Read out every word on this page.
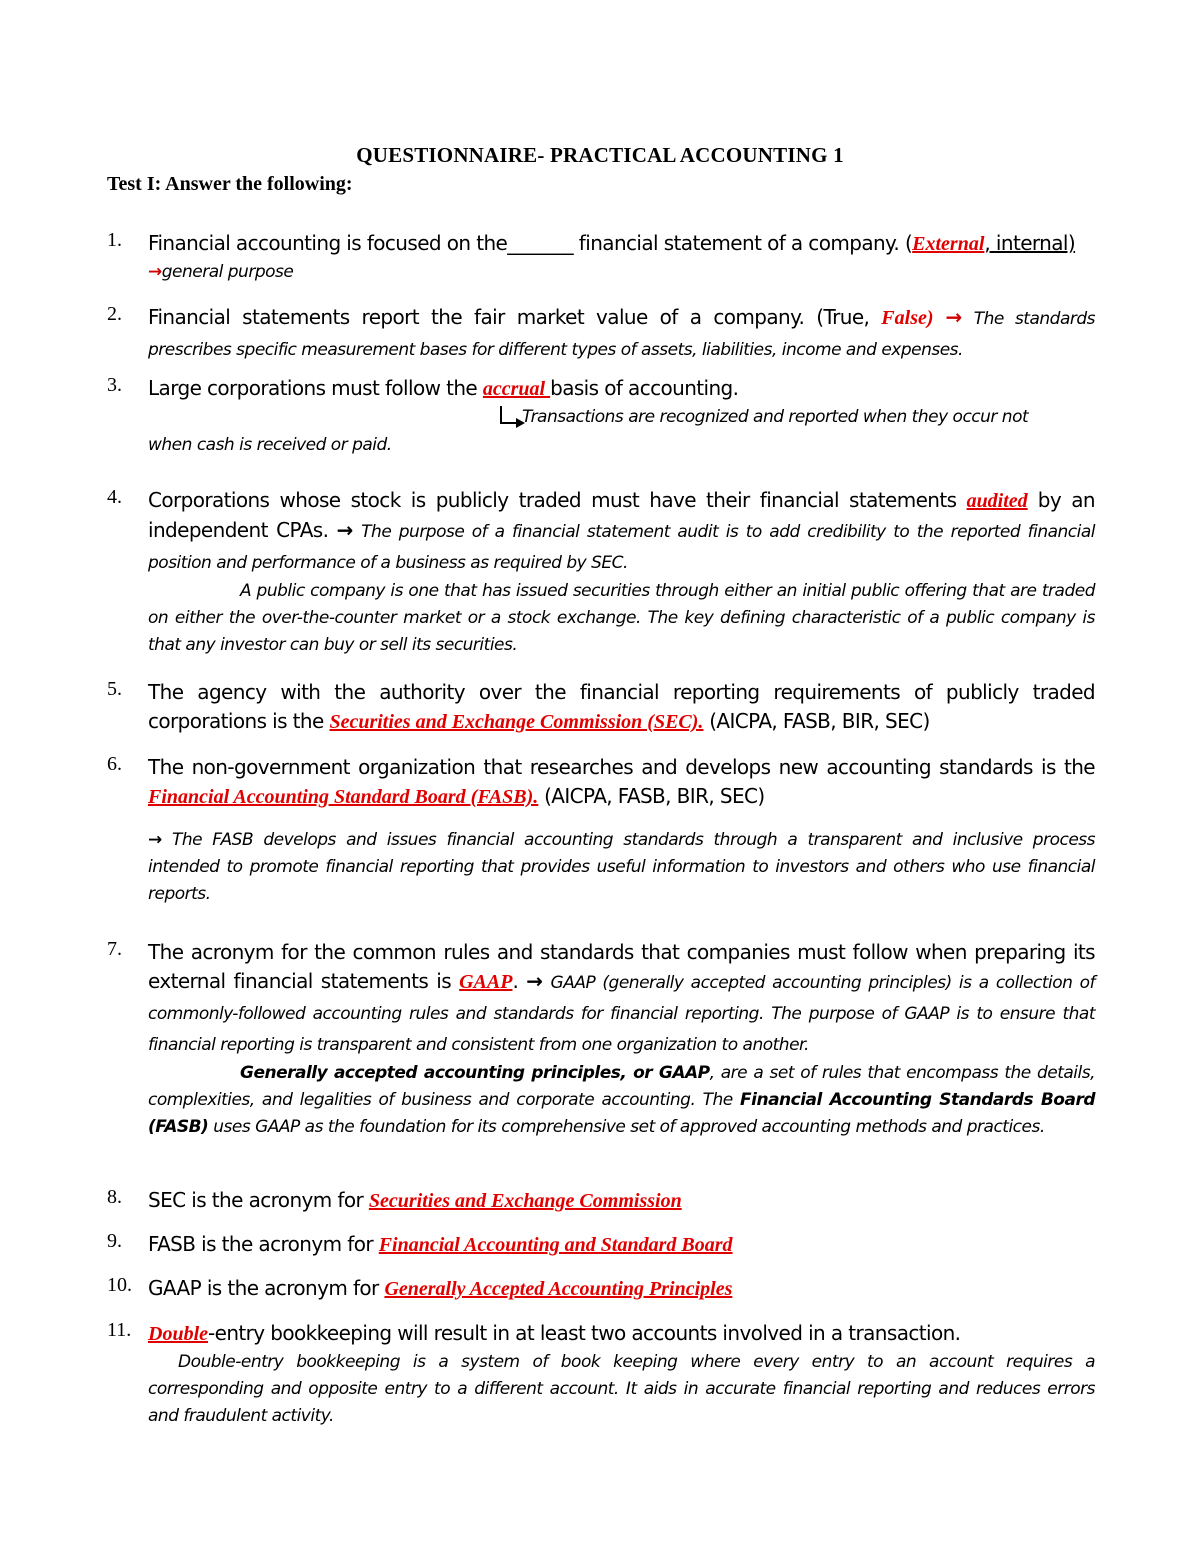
QUESTIONNAIRE- PRACTICAL ACCOUNTING 1
Test I: Answer the following:
1. Financial accounting is focused on the_______ financial statement of a company. (External, internal)
→general purpose
2. Financial statements report the fair market value of a company. (True, False) → The standards prescribes specific measurement bases for different types of assets, liabilities, income and expenses.
3. Large corporations must follow the accrual basis of accounting.
Transactions are recognized and reported when they occur not
when cash is received or paid.
4. Corporations whose stock is publicly traded must have their financial statements audited by an independent CPAs. → The purpose of a financial statement audit is to add credibility to the reported financial position and performance of a business as required by SEC.
A public company is one that has issued securities through either an initial public offering that are traded on either the over-the-counter market or a stock exchange. The key defining characteristic of a public company is that any investor can buy or sell its securities.
5. The agency with the authority over the financial reporting requirements of publicly traded corporations is the Securities and Exchange Commission (SEC). (AICPA, FASB, BIR, SEC)
6. The non-government organization that researches and develops new accounting standards is the Financial Accounting Standard Board (FASB). (AICPA, FASB, BIR, SEC)
→ The FASB develops and issues financial accounting standards through a transparent and inclusive process intended to promote financial reporting that provides useful information to investors and others who use financial reports.
7. The acronym for the common rules and standards that companies must follow when preparing its external financial statements is GAAP. → GAAP (generally accepted accounting principles) is a collection of commonly-followed accounting rules and standards for financial reporting. The purpose of GAAP is to ensure that financial reporting is transparent and consistent from one organization to another.
Generally accepted accounting principles, or GAAP, are a set of rules that encompass the details, complexities, and legalities of business and corporate accounting. The Financial Accounting Standards Board (FASB) uses GAAP as the foundation for its comprehensive set of approved accounting methods and practices.
8. SEC is the acronym for Securities and Exchange Commission
9. FASB is the acronym for Financial Accounting and Standard Board
10. GAAP is the acronym for Generally Accepted Accounting Principles
11. Double-entry bookkeeping will result in at least two accounts involved in a transaction.
Double-entry bookkeeping is a system of book keeping where every entry to an account requires a corresponding and opposite entry to a different account. It aids in accurate financial reporting and reduces errors and fraudulent activity.
